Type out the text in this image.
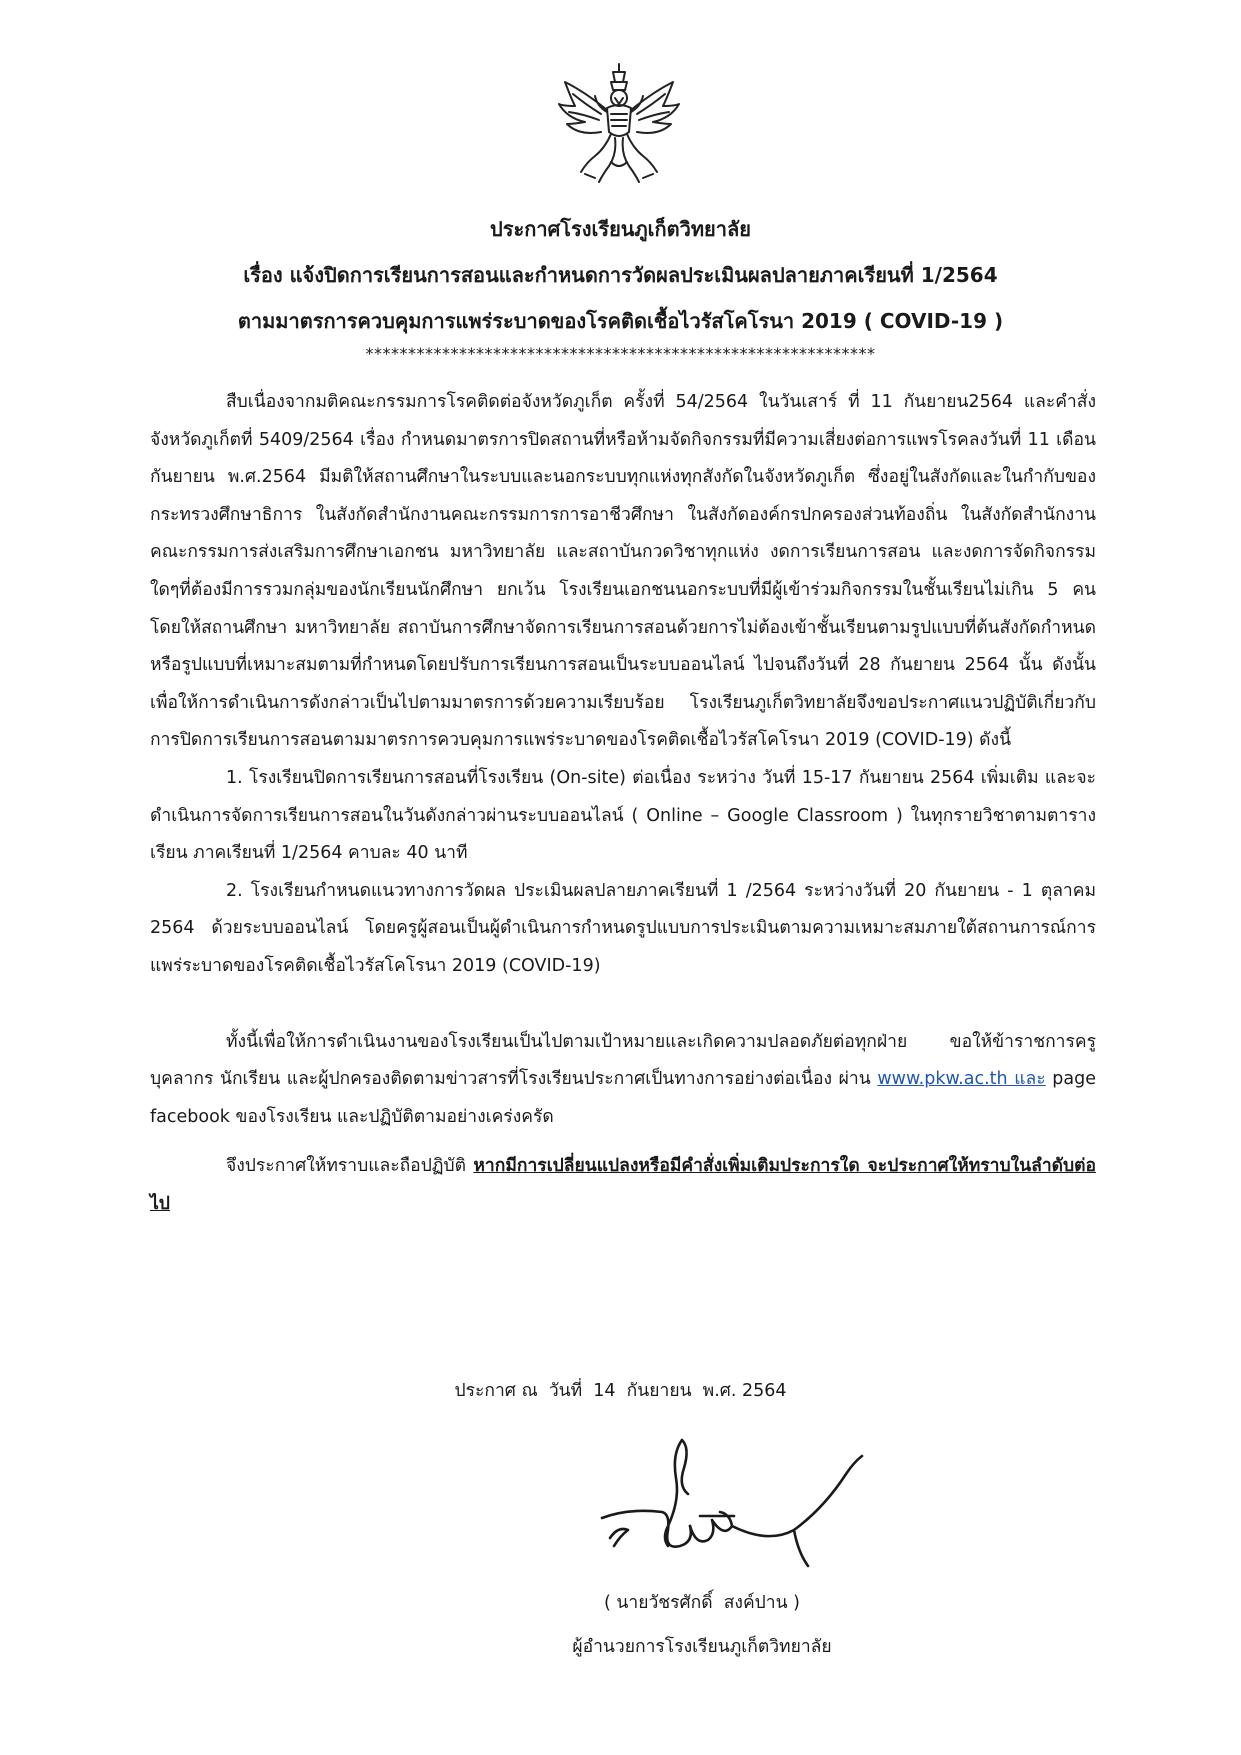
ประกาศโรงเรียนภูเก็ตวิทยาลัย
เรื่อง แจ้งปิดการเรียนการสอนและกำหนดการวัดผลประเมินผลปลายภาคเรียนที่ 1/2564
ตามมาตรการควบคุมการแพร่ระบาดของโรคติดเชื้อไวรัสโคโรนา 2019 ( COVID-19 )
************************************************************

สืบเนื่องจากมติคณะกรรมการโรคติดต่อจังหวัดภูเก็ต ครั้งที่ 54/2564 ในวันเสาร์ ที่ 11 กันยายน2564 และคำสั่งจังหวัดภูเก็ตที่ 5409/2564 เรื่อง กำหนดมาตรการปิดสถานที่หรือห้ามจัดกิจกรรมที่มีความเสี่ยงต่อการแพรโรคลงวันที่ 11 เดือนกันยายน พ.ศ.2564 มีมติให้สถานศึกษาในระบบและนอกระบบทุกแห่งทุกสังกัดในจังหวัดภูเก็ต ซึ่งอยู่ในสังกัดและในกำกับของกระทรวงศึกษาธิการ ในสังกัดสำนักงานคณะกรรมการการอาชีวศึกษา ในสังกัดองค์กรปกครองส่วนท้องถิ่น ในสังกัดสำนักงานคณะกรรมการส่งเสริมการศึกษาเอกชน มหาวิทยาลัย และสถาบันกวดวิชาทุกแห่ง งดการเรียนการสอน และงดการจัดกิจกรรมใดๆที่ต้องมีการรวมกลุ่มของนักเรียนนักศึกษา ยกเว้น โรงเรียนเอกชนนอกระบบที่มีผู้เข้าร่วมกิจกรรมในชั้นเรียนไม่เกิน 5 คน โดยให้สถานศึกษา มหาวิทยาลัย สถาบันการศึกษาจัดการเรียนการสอนด้วยการไม่ต้องเข้าชั้นเรียนตามรูปแบบที่ต้นสังกัดกำหนด หรือรูปแบบที่เหมาะสมตามที่กำหนดโดยปรับการเรียนการสอนเป็นระบบออนไลน์ ไปจนถึงวันที่ 28 กันยายน 2564 นั้น ดังนั้นเพื่อให้การดำเนินการดังกล่าวเป็นไปตามมาตรการด้วยความเรียบร้อย โรงเรียนภูเก็ตวิทยาลัยจึงขอประกาศแนวปฏิบัติเกี่ยวกับการปิดการเรียนการสอนตามมาตรการควบคุมการแพร่ระบาดของโรคติดเชื้อไวรัสโคโรนา 2019 (COVID-19) ดังนี้

1. โรงเรียนปิดการเรียนการสอนที่โรงเรียน (On-site) ต่อเนื่อง ระหว่าง วันที่ 15-17 กันยายน 2564 เพิ่มเติม และจะดำเนินการจัดการเรียนการสอนในวันดังกล่าวผ่านระบบออนไลน์ ( Online – Google Classroom ) ในทุกรายวิชาตามตารางเรียน ภาคเรียนที่ 1/2564 คาบละ 40 นาที

2. โรงเรียนกำหนดแนวทางการวัดผล ประเมินผลปลายภาคเรียนที่ 1 /2564 ระหว่างวันที่ 20 กันยายน - 1 ตุลาคม 2564 ด้วยระบบออนไลน์ โดยครูผู้สอนเป็นผู้ดำเนินการกำหนดรูปแบบการประเมินตามความเหมาะสมภายใต้สถานการณ์การแพร่ระบาดของโรคติดเชื้อไวรัสโคโรนา 2019 (COVID-19)

ทั้งนี้เพื่อให้การดำเนินงานของโรงเรียนเป็นไปตามเป้าหมายและเกิดความปลอดภัยต่อทุกฝ่าย ขอให้ข้าราชการครู บุคลากร นักเรียน และผู้ปกครองติดตามข่าวสารที่โรงเรียนประกาศเป็นทางการอย่างต่อเนื่อง ผ่าน www.pkw.ac.th และ page facebook ของโรงเรียน และปฏิบัติตามอย่างเคร่งครัด

จึงประกาศให้ทราบและถือปฏิบัติ หากมีการเปลี่ยนแปลงหรือมีคำสั่งเพิ่มเติมประการใด จะประกาศให้ทราบในลำดับต่อไป

ประกาศ ณ  วันที่  14  กันยายน  พ.ศ. 2564
( นายวัชรศักดิ์  สงค์ปาน )
ผู้อำนวยการโรงเรียนภูเก็ตวิทยาลัย
